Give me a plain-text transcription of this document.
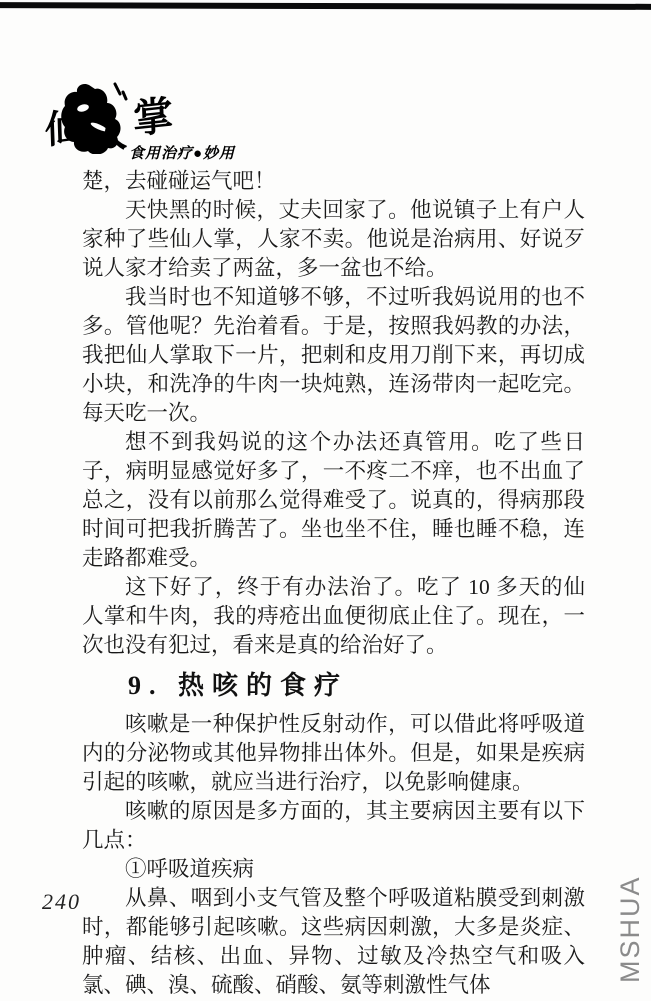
仙 人 掌
食用治疗●妙用

楚，去碰碰运气吧！

天快黑的时候，丈夫回家了。他说镇子上有户人家种了些仙人掌，人家不卖。他说是治病用、好说歹说人家才给卖了两盆，多一盆也不给。

我当时也不知道够不够，不过听我妈说用的也不多。管他呢？先治着看。于是，按照我妈教的办法，我把仙人掌取下一片，把刺和皮用刀削下来，再切成小块，和洗净的牛肉一块炖熟，连汤带肉一起吃完。每天吃一次。

想不到我妈说的这个办法还真管用。吃了些日子，病明显感觉好多了，一不疼二不痒，也不出血了　总之，没有以前那么觉得难受了。说真的，得病那段时间可把我折腾苦了。坐也坐不住，睡也睡不稳，连走路都难受。

这下好了，终于有办法治了。吃了 10 多天的仙人掌和牛肉，我的痔疮出血便彻底止住了。现在，一次也没有犯过，看来是真的给治好了。

9. 热咳的食疗

咳嗽是一种保护性反射动作，可以借此将呼吸道内的分泌物或其他异物排出体外。但是，如果是疾病引起的咳嗽，就应当进行治疗，以免影响健康。

咳嗽的原因是多方面的，其主要病因主要有以下几点：

①呼吸道疾病

从鼻、咽到小支气管及整个呼吸道粘膜受到刺激时，都能够引起咳嗽。这些病因刺激，大多是炎症、肿瘤、结核、出血、异物、过敏及冷热空气和吸入氯、碘、溴、硫酸、硝酸、氨等刺激性气体

240	MSHUA
